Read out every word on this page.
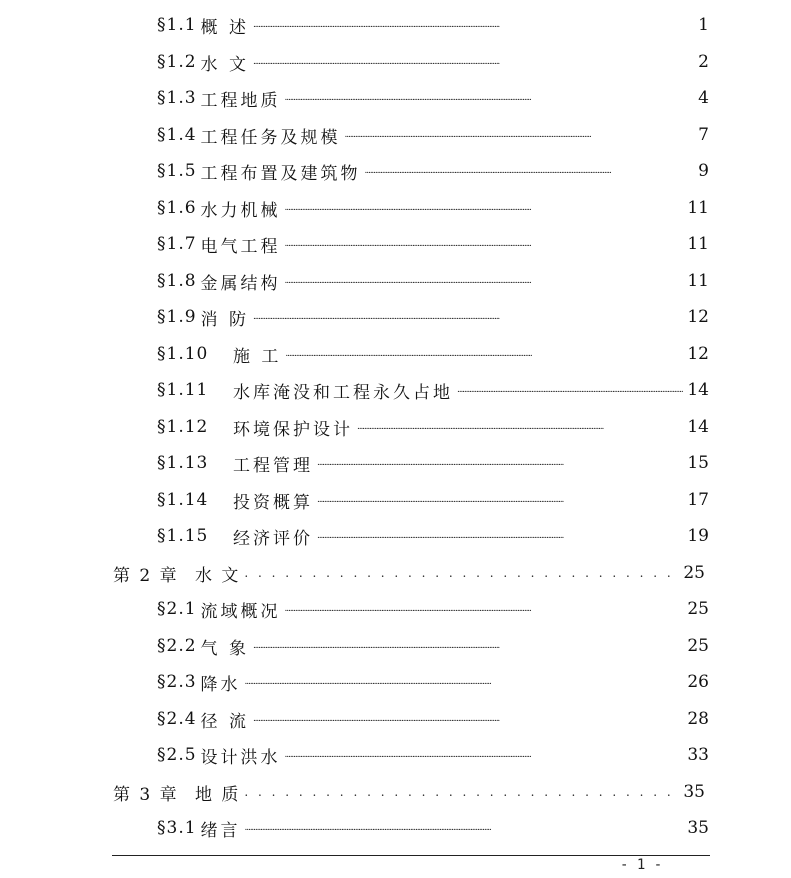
§1.1 概 述 . . .	1
§1.2 水 文 . . .	2
§1.3 工程地质 . . .	4
§1.4 工程任务及规模 . . .	7
§1.5 工程布置及建筑物 . . .	9
§1.6 水力机械 . . .	11
§1.7 电气工程 . . .	11
§1.8 金属结构 . . .	11
§1.9 消 防 . . .	12
§1.10	施 工 . . .	12
§1.11	水库淹没和工程永久占地 . . .	14
§1.12	环境保护设计 . . .	14
§1.13	工程管理 . . .	15
§1.14	投资概算 . . .	17
§1.15	经济评价 . . .	19
第 2 章 水 文 . . .	25
§2.1 流域概况 . . .	25
§2.2 气 象 . . .	25
§2.3 降水 . . .	26
§2.4 径 流 . . .	28
§2.5 设计洪水 . . .	33
第 3 章 地 质 . . .	35
§3.1 绪言 . . .	35
- 1 -
